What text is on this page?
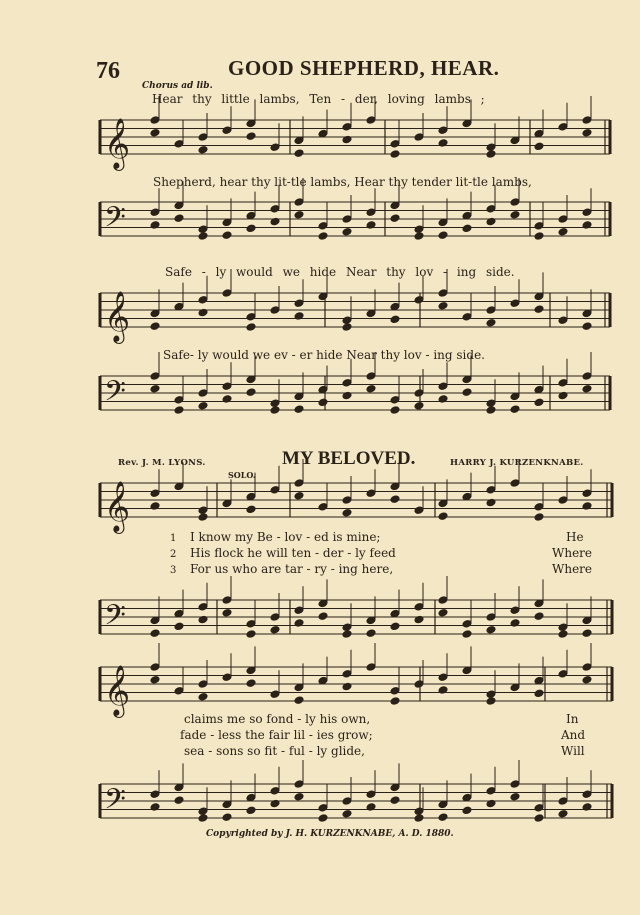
76	GOOD SHEPHERD, HEAR.
Chorus ad lib.
Hear thy little lambs, Ten - der, loving lambs ;
Shepherd, hear thy lit-tle lambs, Hear thy tender lit-tle lambs,
Safe - ly would we hide Near thy lov - ing side.
Safe- ly would we ev - er hide Near thy lov - ing side.
MY BELOVED.
Rev. J. M. LYONS.	HARRY J. KURZENKNABE.
SOLO.
1 I know my Be - lov - ed is mine;
2 His flock he will ten - der - ly feed
3 For us who are tar - ry - ing here,
He
Where
Where
claims me so fond - ly his own,
fade - less the fair lil - ies grow;
sea - sons so fit - ful - ly glide,
In
And
Will
Copyrighted by J. H. KURZENKNABE, A. D. 1880.
𝄞
𝄢
𝄞
𝄢
𝄞
𝄢
𝄞
𝄢
